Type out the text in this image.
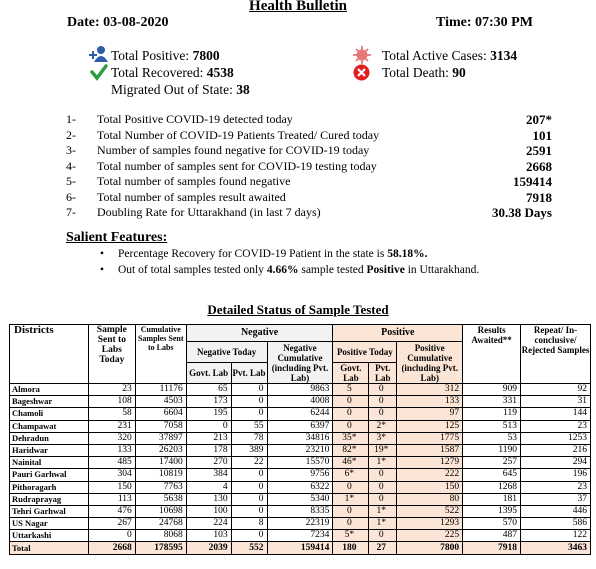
Health Bulletin
Date: 03-08-2020	Time: 07:30 PM
Total Positive: 7800
Total Recovered: 4538
Migrated Out of State: 38
Total Active Cases: 3134
Total Death: 90
1- Total Positive COVID-19 detected today	207*
2- Total Number of COVID-19 Patients Treated/ Cured today	101
3- Number of samples found negative for COVID-19 today	2591
4- Total number of samples sent for COVID-19 testing today	2668
5- Total number of samples found negative	159414
6- Total number of samples result awaited	7918
7- Doubling Rate for Uttarakhand (in last 7 days)	30.38 Days
Salient Features:
• Percentage Recovery for COVID-19 Patient in the state is 58.18%.
• Out of total samples tested only 4.66% sample tested Positive in Uttarakhand.
Detailed Status of Sample Tested
Districts	Sample Sent to Labs Today	Cumulative Samples Sent to Labs	Negative			Positive			Results Awaited**	Repeat/ In-conclusive/ Rejected Samples
			Negative Today		Negative Cumulative (including Pvt. Lab)	Positive Today		Positive Cumulative (including Pvt. Lab)		
			Govt. Lab	Pvt. Lab		Govt. Lab	Pvt. Lab			
Almora	23	11176	65	0	9863	5	0	312	909	92
Bageshwar	108	4503	173	0	4008	0	0	133	331	31
Chamoli	58	6604	195	0	6244	0	0	97	119	144
Champawat	231	7058	0	55	6397	0	2*	125	513	23
Dehradun	320	37897	213	78	34816	35*	3*	1775	53	1253
Haridwar	133	26203	178	389	23210	82*	19*	1587	1190	216
Nainital	485	17400	270	22	15570	46*	1*	1279	257	294
Pauri Garhwal	304	10819	384	0	9756	6*	0	222	645	196
Pithoragarh	150	7763	4	0	6322	0	0	150	1268	23
Rudraprayag	113	5638	130	0	5340	1*	0	80	181	37
Tehri Garhwal	476	10698	100	0	8335	0	1*	522	1395	446
US Nagar	267	24768	224	8	22319	0	1*	1293	570	586
Uttarkashi	0	8068	103	0	7234	5*	0	225	487	122
Total	2668	178595	2039	552	159414	180	27	7800	7918	3463
